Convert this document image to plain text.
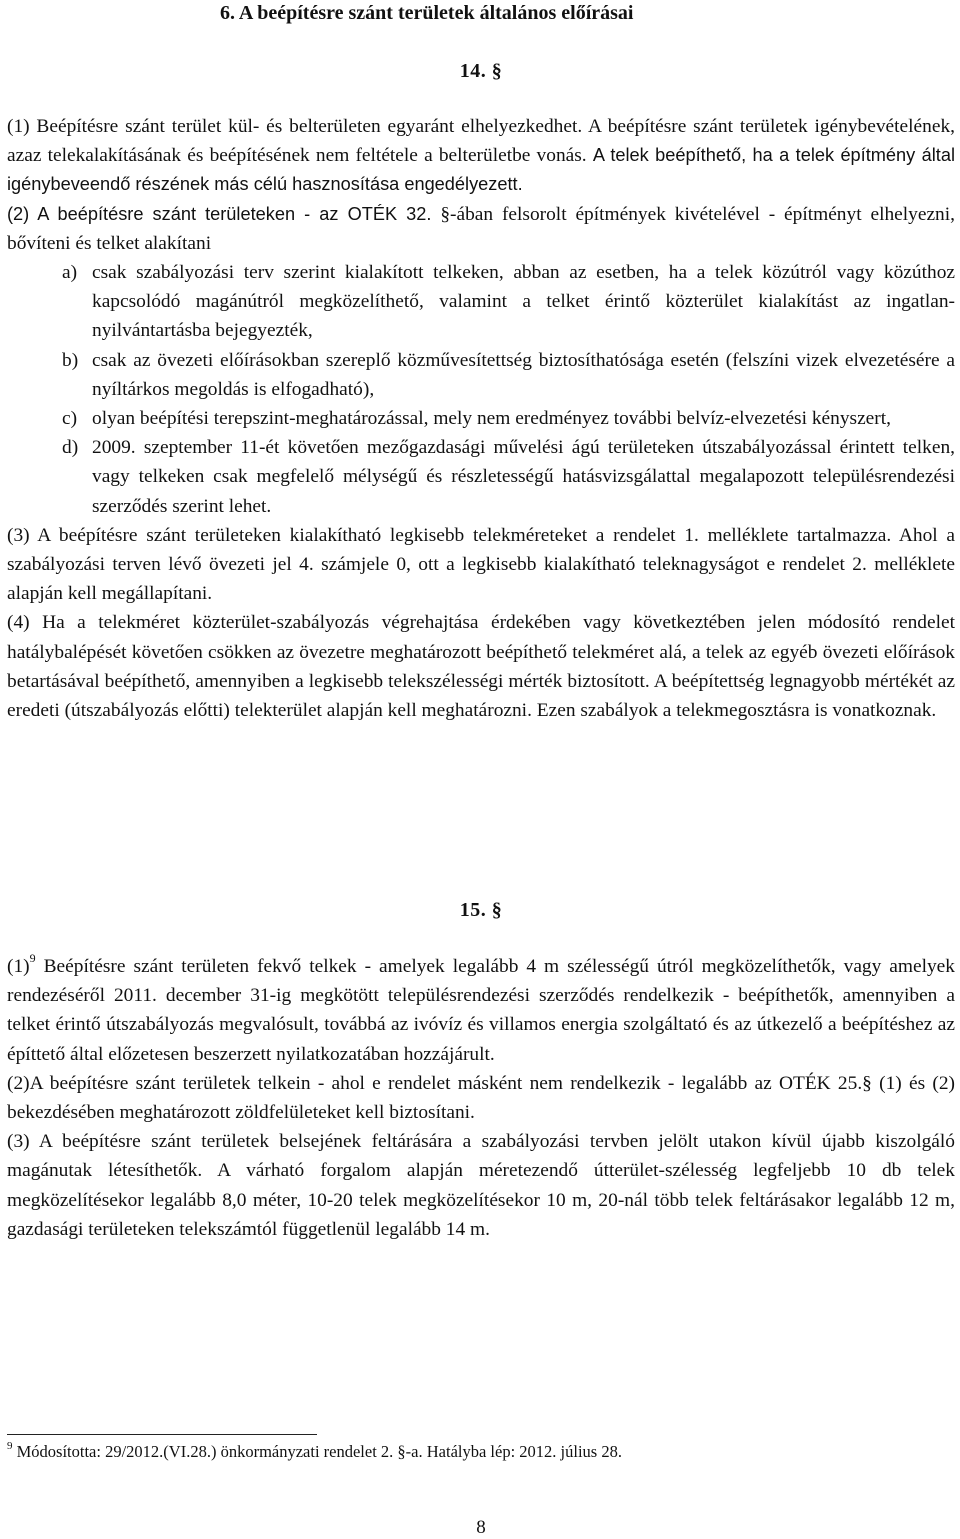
6. A beépítésre szánt területek általános előírásai
14. §

(1) Beépítésre szánt terület kül- és belterületen egyaránt elhelyezkedhet. A beépítésre szánt területek igénybevételének, azaz telekalakításának és beépítésének nem feltétele a belterületbe vonás. A telek beépíthető, ha a telek építmény által igénybeveendő részének más célú hasznosítása engedélyezett.

(2) A beépítésre szánt területeken - az OTÉK 32. §-ában felsorolt építmények kivételével - építményt elhelyezni, bővíteni és telket alakítani

a) csak szabályozási terv szerint kialakított telkeken, abban az esetben, ha a telek közútról vagy közúthoz kapcsolódó magánútról megközelíthető, valamint a telket érintő közterület kialakítást az ingatlan-nyilvántartásba bejegyezték,

b) csak az övezeti előírásokban szereplő közművesítettség biztosíthatósága esetén (felszíni vizek elvezetésére a nyíltárkos megoldás is elfogadható),

c) olyan beépítési terepszint-meghatározással, mely nem eredményez további belvíz-elvezetési kényszert,

d) 2009. szeptember 11-ét követően mezőgazdasági művelési ágú területeken útszabályozással érintett telken, vagy telkeken csak megfelelő mélységű és részletességű hatásvizsgálattal megalapozott településrendezési szerződés szerint lehet.

(3) A beépítésre szánt területeken kialakítható legkisebb telekméreteket a rendelet 1. melléklete tartalmazza. Ahol a szabályozási terven lévő övezeti jel 4. számjele 0, ott a legkisebb kialakítható teleknagyságot e rendelet 2. melléklete alapján kell megállapítani.

(4) Ha a telekméret közterület-szabályozás végrehajtása érdekében vagy következtében jelen módosító rendelet hatálybalépését követően csökken az övezetre meghatározott beépíthető telekméret alá, a telek az egyéb övezeti előírások betartásával beépíthető, amennyiben a legkisebb telekszélességi mérték biztosított. A beépítettség legnagyobb mértékét az eredeti (útszabályozás előtti) telekterület alapján kell meghatározni. Ezen szabályok a telekmegosztásra is vonatkoznak.

15. §

$(1)^9$ Beépítésre szánt területen fekvő telkek - amelyek legalább 4 m szélességű útról megközelíthetők, vagy amelyek rendezéséről 2011. december 31-ig megkötött településrendezési szerződés rendelkezik - beépíthetők, amennyiben a telket érintő útszabályozás megvalósult, továbbá az ivóvíz és villamos energia szolgáltató és az útkezelő a beépítéshez az építtető által előzetesen beszerzett nyilatkozatában hozzájárult.

(2)A beépítésre szánt területek telkein - ahol e rendelet másként nem rendelkezik - legalább az OTÉK 25.§ (1) és (2) bekezdésében meghatározott zöldfelületeket kell biztosítani.

(3) A beépítésre szánt területek belsejének feltárására a szabályozási tervben jelölt utakon kívül újabb kiszolgáló magánutak létesíthetők. A várható forgalom alapján méretezendő útterület-szélesség legfeljebb 10 db telek megközelítésekor legalább 8,0 méter, 10-20 telek megközelítésekor 10 m, 20-nál több telek feltárásakor legalább 12 m, gazdasági területeken telekszámtól függetlenül legalább 14 m.

$^9$ Módosította: 29/2012.(VI.28.) önkormányzati rendelet 2. §-a. Hatályba lép: 2012. július 28.
8
